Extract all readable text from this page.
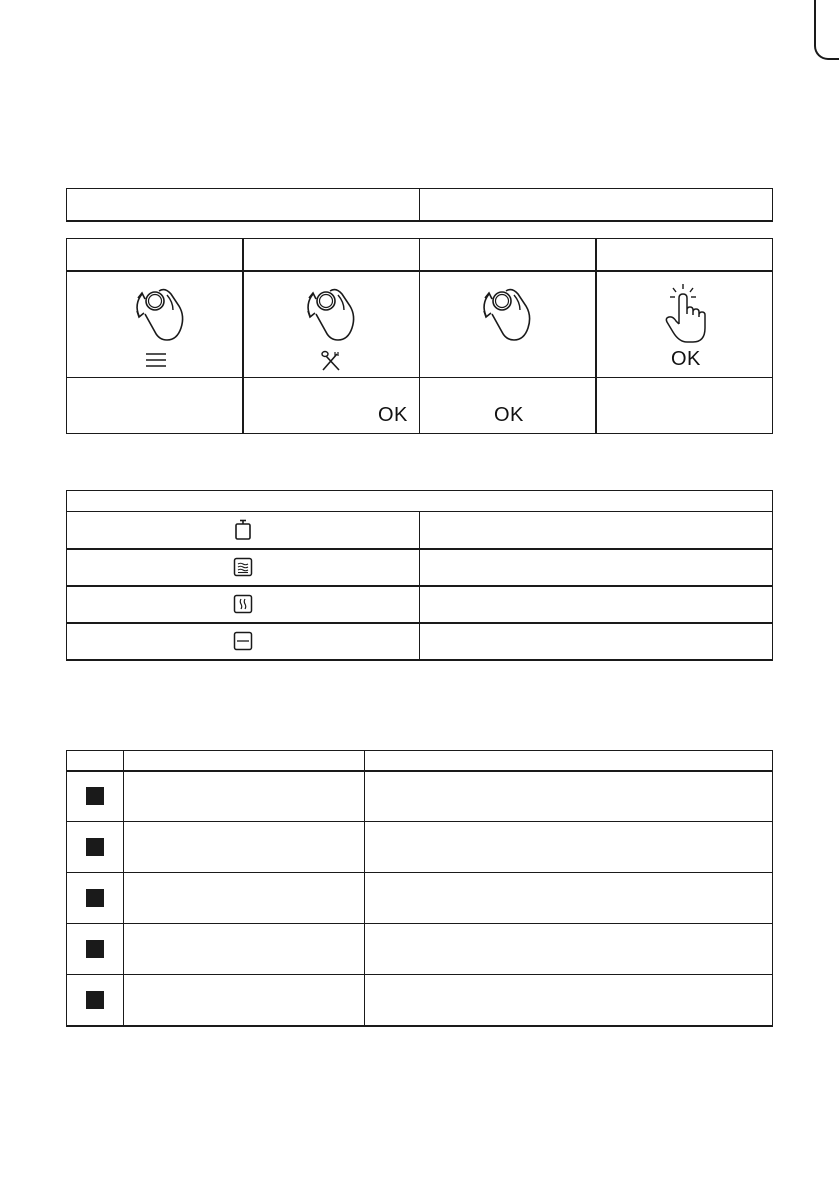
OK

	OK	OK	
